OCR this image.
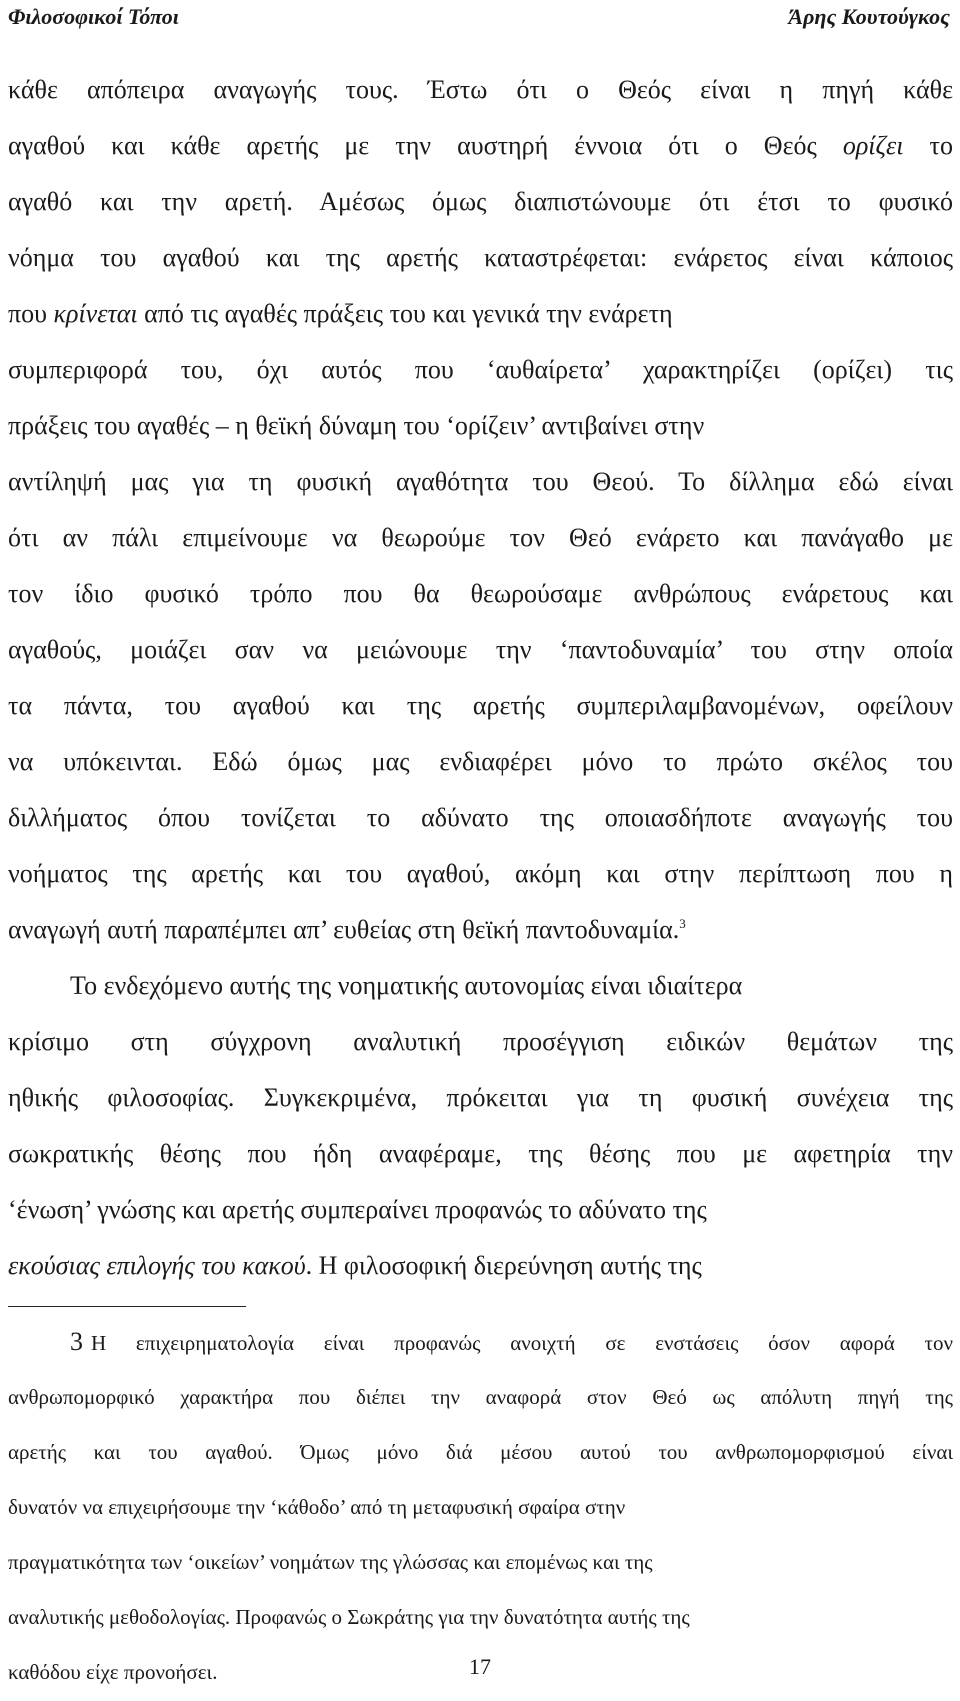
Φιλοσοφικοί Τόποι	Άρης Κουτούγκος
κάθε απόπειρα αναγωγής τους. Έστω ότι ο Θεός είναι η πηγή κάθε
αγαθού και κάθε αρετής με την αυστηρή έννοια ότι ο Θεός ορίζει το
αγαθό και την αρετή. Αμέσως όμως διαπιστώνουμε ότι έτσι το φυσικό
νόημα του αγαθού και της αρετής καταστρέφεται: ενάρετος είναι κάποιος
που κρίνεται από τις αγαθές πράξεις του και γενικά την ενάρετη
συμπεριφορά του, όχι αυτός που ‘αυθαίρετα’ χαρακτηρίζει (ορίζει) τις
πράξεις του αγαθές – η θεϊκή δύναμη του ‘ορίζειν’ αντιβαίνει στην
αντίληψή μας για τη φυσική αγαθότητα του Θεού. Το δίλλημα εδώ είναι
ότι αν πάλι επιμείνουμε να θεωρούμε τον Θεό ενάρετο και πανάγαθο με
τον ίδιο φυσικό τρόπο που θα θεωρούσαμε ανθρώπους ενάρετους και
αγαθούς, μοιάζει σαν να μειώνουμε την ‘παντοδυναμία’ του στην οποία
τα πάντα, του αγαθού και της αρετής συμπεριλαμβανομένων, οφείλουν
να υπόκεινται. Εδώ όμως μας ενδιαφέρει μόνο το πρώτο σκέλος του
διλλήματος όπου τονίζεται το αδύνατο της οποιασδήποτε αναγωγής του
νοήματος της αρετής και του αγαθού, ακόμη και στην περίπτωση που η
αναγωγή αυτή παραπέμπει απ’ ευθείας στη θεϊκή παντοδυναμία.$^3$
Το ενδεχόμενο αυτής της νοηματικής αυτονομίας είναι ιδιαίτερα
κρίσιμο στη σύγχρονη αναλυτική προσέγγιση ειδικών θεμάτων της
ηθικής φιλοσοφίας. Συγκεκριμένα, πρόκειται για τη φυσική συνέχεια της
σωκρατικής θέσης που ήδη αναφέραμε, της θέσης που με αφετηρία την
‘ένωση’ γνώσης και αρετής συμπεραίνει προφανώς το αδύνατο της
εκούσιας επιλογής του κακού. Η φιλοσοφική διερεύνηση αυτής της
3 Η επιχειρηματολογία είναι προφανώς ανοιχτή σε ενστάσεις όσον αφορά τον
ανθρωπομορφικό χαρακτήρα που διέπει την αναφορά στον Θεό ως απόλυτη πηγή της
αρετής και του αγαθού. Όμως μόνο διά μέσου αυτού του ανθρωπομορφισμού είναι
δυνατόν να επιχειρήσουμε την ‘κάθοδο’ από τη μεταφυσική σφαίρα στην
πραγματικότητα των ‘οικείων’ νοημάτων της γλώσσας και επομένως και της
αναλυτικής μεθοδολογίας. Προφανώς ο Σωκράτης για την δυνατότητα αυτής της
καθόδου είχε προνοήσει.	17
